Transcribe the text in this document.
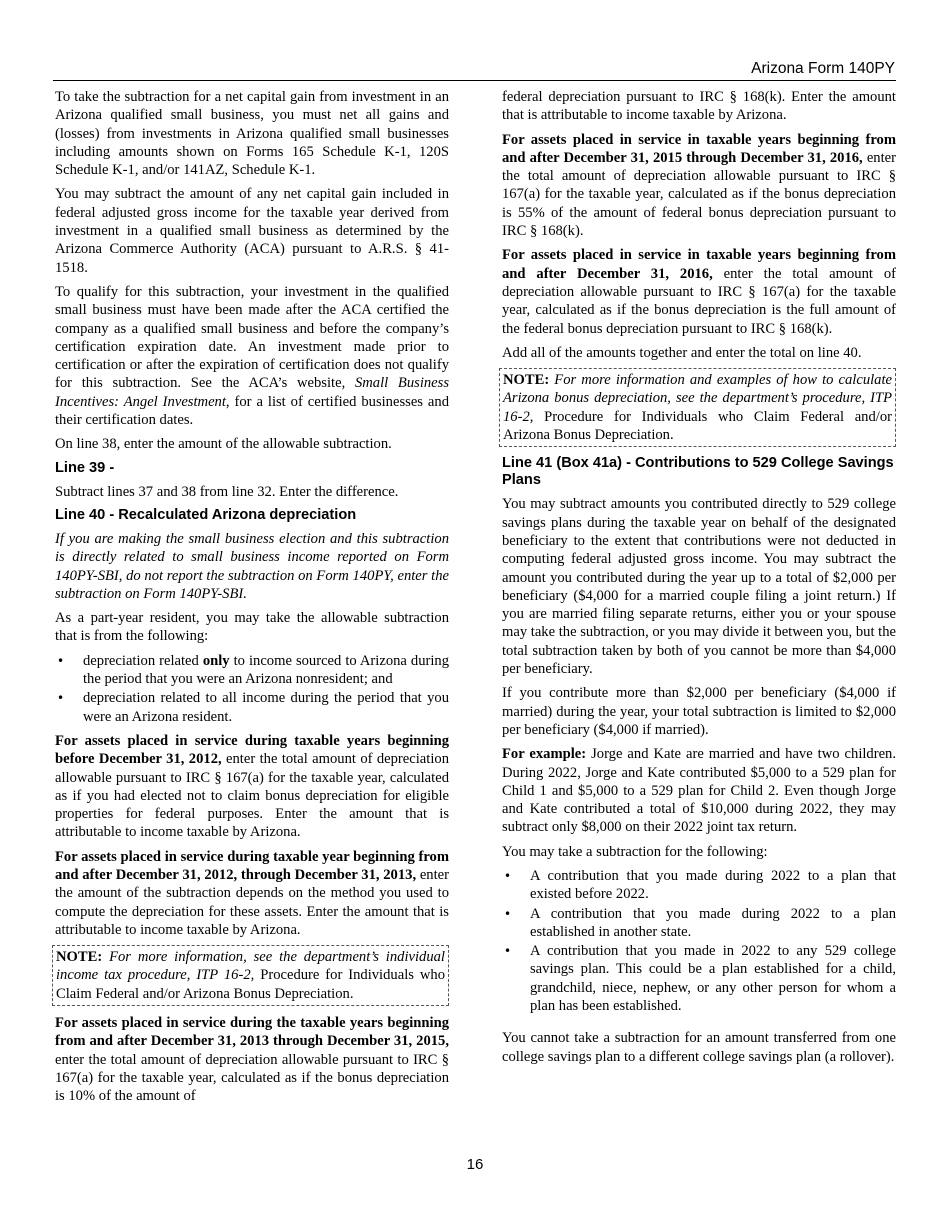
Arizona Form 140PY

To take the subtraction for a net capital gain from investment in an Arizona qualified small business, you must net all gains and (losses) from investments in Arizona qualified small businesses including amounts shown on Forms 165 Schedule K-1, 120S Schedule K-1, and/or 141AZ, Schedule K-1.

You may subtract the amount of any net capital gain included in federal adjusted gross income for the taxable year derived from investment in a qualified small business as determined by the Arizona Commerce Authority (ACA) pursuant to A.R.S. § 41-1518.

To qualify for this subtraction, your investment in the qualified small business must have been made after the ACA certified the company as a qualified small business and before the company’s certification expiration date. An investment made prior to certification or after the expiration of certification does not qualify for this subtraction. See the ACA’s website, Small Business Incentives: Angel Investment, for a list of certified businesses and their certification dates.

On line 38, enter the amount of the allowable subtraction.

Line 39 -

Subtract lines 37 and 38 from line 32. Enter the difference.

Line 40 - Recalculated Arizona depreciation

If you are making the small business election and this subtraction is directly related to small business income reported on Form 140PY-SBI, do not report the subtraction on Form 140PY, enter the subtraction on Form 140PY-SBI.

As a part-year resident, you may take the allowable subtraction that is from the following:

• depreciation related only to income sourced to Arizona during the period that you were an Arizona nonresident; and
• depreciation related to all income during the period that you were an Arizona resident.

For assets placed in service during taxable years beginning before December 31, 2012, enter the total amount of depreciation allowable pursuant to IRC § 167(a) for the taxable year, calculated as if you had elected not to claim bonus depreciation for eligible properties for federal purposes. Enter the amount that is attributable to income taxable by Arizona.

For assets placed in service during taxable year beginning from and after December 31, 2012, through December 31, 2013, enter the amount of the subtraction depends on the method you used to compute the depreciation for these assets. Enter the amount that is attributable to income taxable by Arizona.

NOTE: For more information, see the department’s individual income tax procedure, ITP 16-2, Procedure for Individuals who Claim Federal and/or Arizona Bonus Depreciation.

For assets placed in service during the taxable years beginning from and after December 31, 2013 through December 31, 2015, enter the total amount of depreciation allowable pursuant to IRC § 167(a) for the taxable year, calculated as if the bonus depreciation is 10% of the amount of

federal depreciation pursuant to IRC § 168(k). Enter the amount that is attributable to income taxable by Arizona.

For assets placed in service in taxable years beginning from and after December 31, 2015 through December 31, 2016, enter the total amount of depreciation allowable pursuant to IRC § 167(a) for the taxable year, calculated as if the bonus depreciation is 55% of the amount of federal bonus depreciation pursuant to IRC § 168(k).

For assets placed in service in taxable years beginning from and after December 31, 2016, enter the total amount of depreciation allowable pursuant to IRC § 167(a) for the taxable year, calculated as if the bonus depreciation is the full amount of the federal bonus depreciation pursuant to IRC § 168(k).

Add all of the amounts together and enter the total on line 40.

NOTE: For more information and examples of how to calculate Arizona bonus depreciation, see the department’s procedure, ITP 16-2, Procedure for Individuals who Claim Federal and/or Arizona Bonus Depreciation.
Line 41 (Box 41a) - Contributions to 529 College Savings Plans

You may subtract amounts you contributed directly to 529 college savings plans during the taxable year on behalf of the designated beneficiary to the extent that contributions were not deducted in computing federal adjusted gross income. You may subtract the amount you contributed during the year up to a total of $2,000 per beneficiary ($4,000 for a married couple filing a joint return.) If you are married filing separate returns, either you or your spouse may take the subtraction, or you may divide it between you, but the total subtraction taken by both of you cannot be more than $4,000 per beneficiary.

If you contribute more than $2,000 per beneficiary ($4,000 if married) during the year, your total subtraction is limited to $2,000 per beneficiary ($4,000 if married).

For example: Jorge and Kate are married and have two children. During 2022, Jorge and Kate contributed $5,000 to a 529 plan for Child 1 and $5,000 to a 529 plan for Child 2. Even though Jorge and Kate contributed a total of $10,000 during 2022, they may subtract only $8,000 on their 2022 joint tax return.

You may take a subtraction for the following:

• A contribution that you made during 2022 to a plan that existed before 2022.
• A contribution that you made during 2022 to a plan established in another state.
• A contribution that you made in 2022 to any 529 college savings plan. This could be a plan established for a child, grandchild, niece, nephew, or any other person for whom a plan has been established.

You cannot take a subtraction for an amount transferred from one college savings plan to a different college savings plan (a rollover).

16
